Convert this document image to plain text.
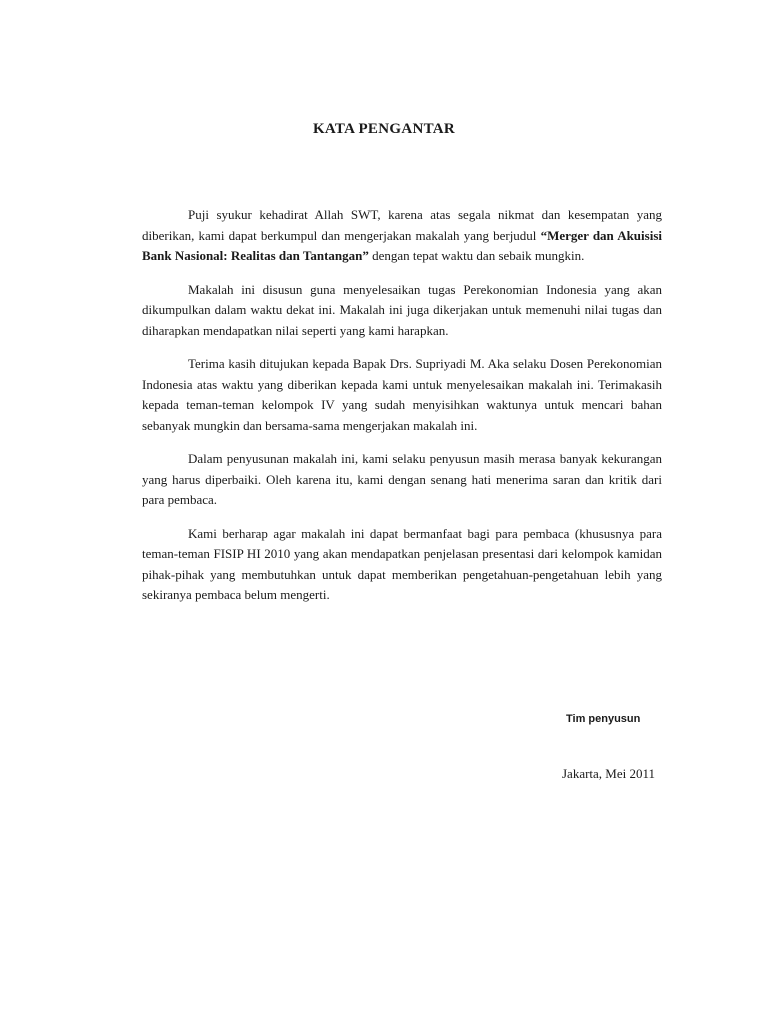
KATA PENGANTAR

Puji syukur kehadirat Allah SWT, karena atas segala nikmat dan kesempatan yang diberikan, kami dapat berkumpul dan mengerjakan makalah yang berjudul “Merger dan Akuisisi Bank Nasional: Realitas dan Tantangan” dengan tepat waktu dan sebaik mungkin.

Makalah ini disusun guna menyelesaikan tugas Perekonomian Indonesia yang akan dikumpulkan dalam waktu dekat ini. Makalah ini juga dikerjakan untuk memenuhi nilai tugas dan diharapkan mendapatkan nilai seperti yang kami harapkan.

Terima kasih ditujukan kepada Bapak Drs. Supriyadi M. Aka selaku Dosen Perekonomian Indonesia atas waktu yang diberikan kepada kami untuk menyelesaikan makalah ini. Terimakasih kepada teman-teman kelompok IV yang sudah menyisihkan waktunya untuk mencari bahan sebanyak mungkin dan bersama-sama mengerjakan makalah ini.

Dalam penyusunan makalah ini, kami selaku penyusun masih merasa banyak kekurangan yang harus diperbaiki. Oleh karena itu, kami dengan senang hati menerima saran dan kritik dari para pembaca.

Kami berharap agar makalah ini dapat bermanfaat bagi para pembaca (khususnya para teman-teman FISIP HI 2010 yang akan mendapatkan penjelasan presentasi dari kelompok kamidan pihak-pihak yang membutuhkan untuk dapat memberikan pengetahuan-pengetahuan lebih yang sekiranya pembaca belum mengerti.

Tim penyusun

Jakarta, Mei 2011
